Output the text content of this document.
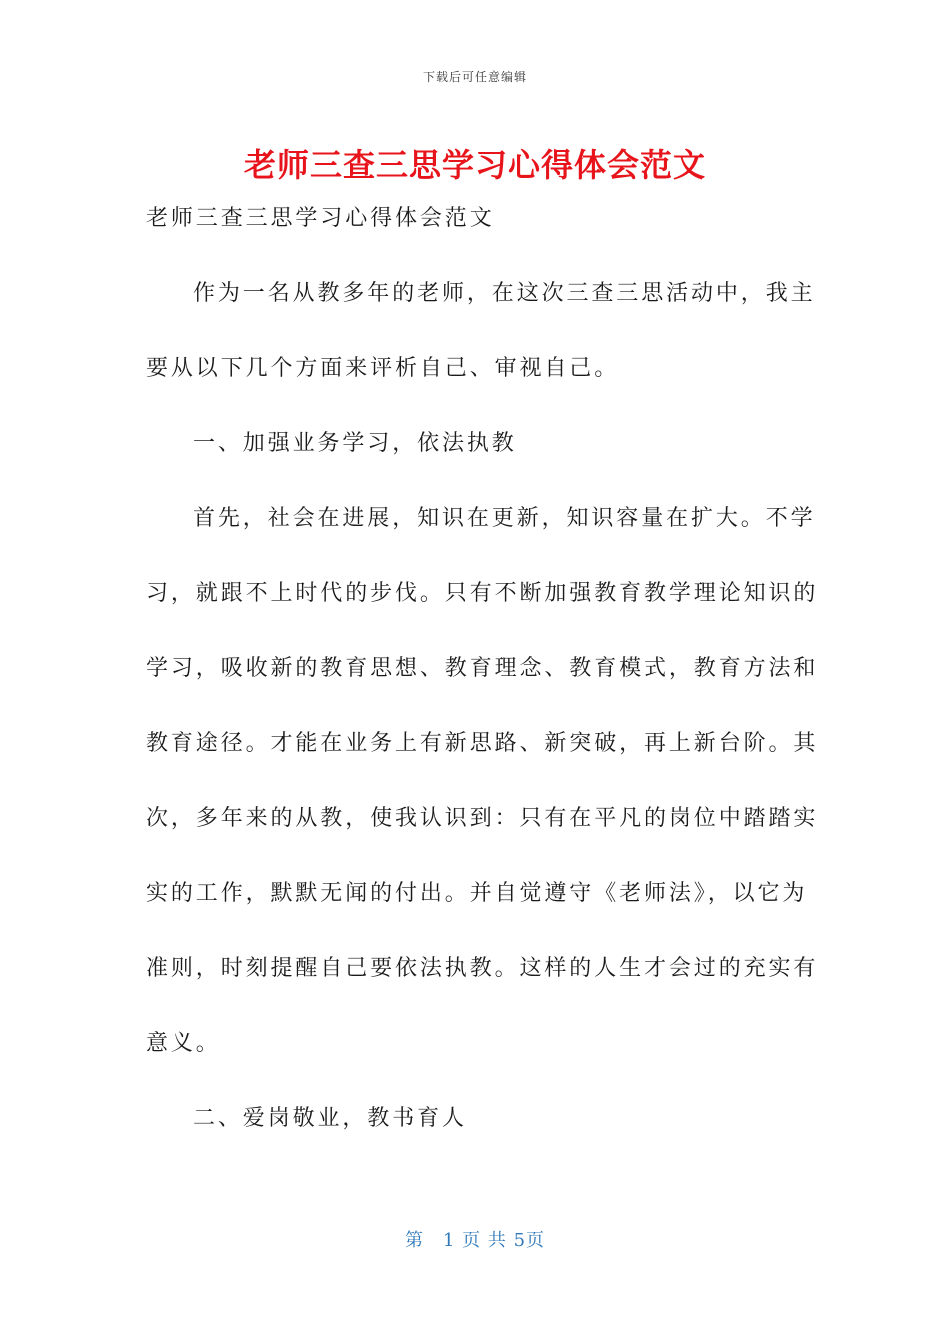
下载后可任意编辑
老师三查三思学习心得体会范文

老师三查三思学习心得体会范文

作为一名从教多年的老师，在这次三查三思活动中，我主

要从以下几个方面来评析自己、审视自己。

一、加强业务学习，依法执教

首先，社会在进展，知识在更新，知识容量在扩大。不学

习，就跟不上时代的步伐。只有不断加强教育教学理论知识的

学习，吸收新的教育思想、教育理念、教育模式，教育方法和

教育途径。才能在业务上有新思路、新突破，再上新台阶。其

次，多年来的从教，使我认识到：只有在平凡的岗位中踏踏实

实的工作，默默无闻的付出。并自觉遵守《老师法》，以它为

准则，时刻提醒自己要依法执教。这样的人生才会过的充实有

意义。

二、爱岗敬业，教书育人

第　1 页 共 5页
